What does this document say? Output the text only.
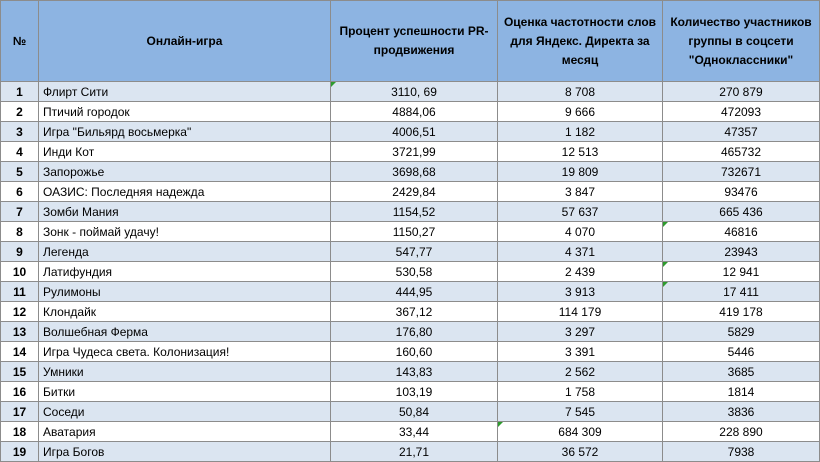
№	Онлайн-игра	Процент успешности PR-продвижения	Оценка частотности слов для Яндекс. Директа за месяц	Количество участников группы в соцсети "Одноклассники"
1	Флирт Сити	3110, 69	8 708	270 879
2	Птичий городок	4884,06	9 666	472093
3	Игра "Бильярд восьмерка"	4006,51	1 182	47357
4	Инди Кот	3721,99	12 513	465732
5	Запорожье	3698,68	19 809	732671
6	ОАЗИС: Последняя надежда	2429,84	3 847	93476
7	Зомби Мания	1154,52	57 637	665 436
8	Зонк - поймай удачу!	1150,27	4 070	46816
9	Легенда	547,77	4 371	23943
10	Латифундия	530,58	2 439	12 941
11	Рулимоны	444,95	3 913	17 411
12	Клондайк	367,12	114 179	419 178
13	Волшебная Ферма	176,80	3 297	5829
14	Игра Чудеса света. Колонизация!	160,60	3 391	5446
15	Умники	143,83	2 562	3685
16	Битки	103,19	1 758	1814
17	Соседи	50,84	7 545	3836
18	Аватария	33,44	684 309	228 890
19	Игра Богов	21,71	36 572	7938
